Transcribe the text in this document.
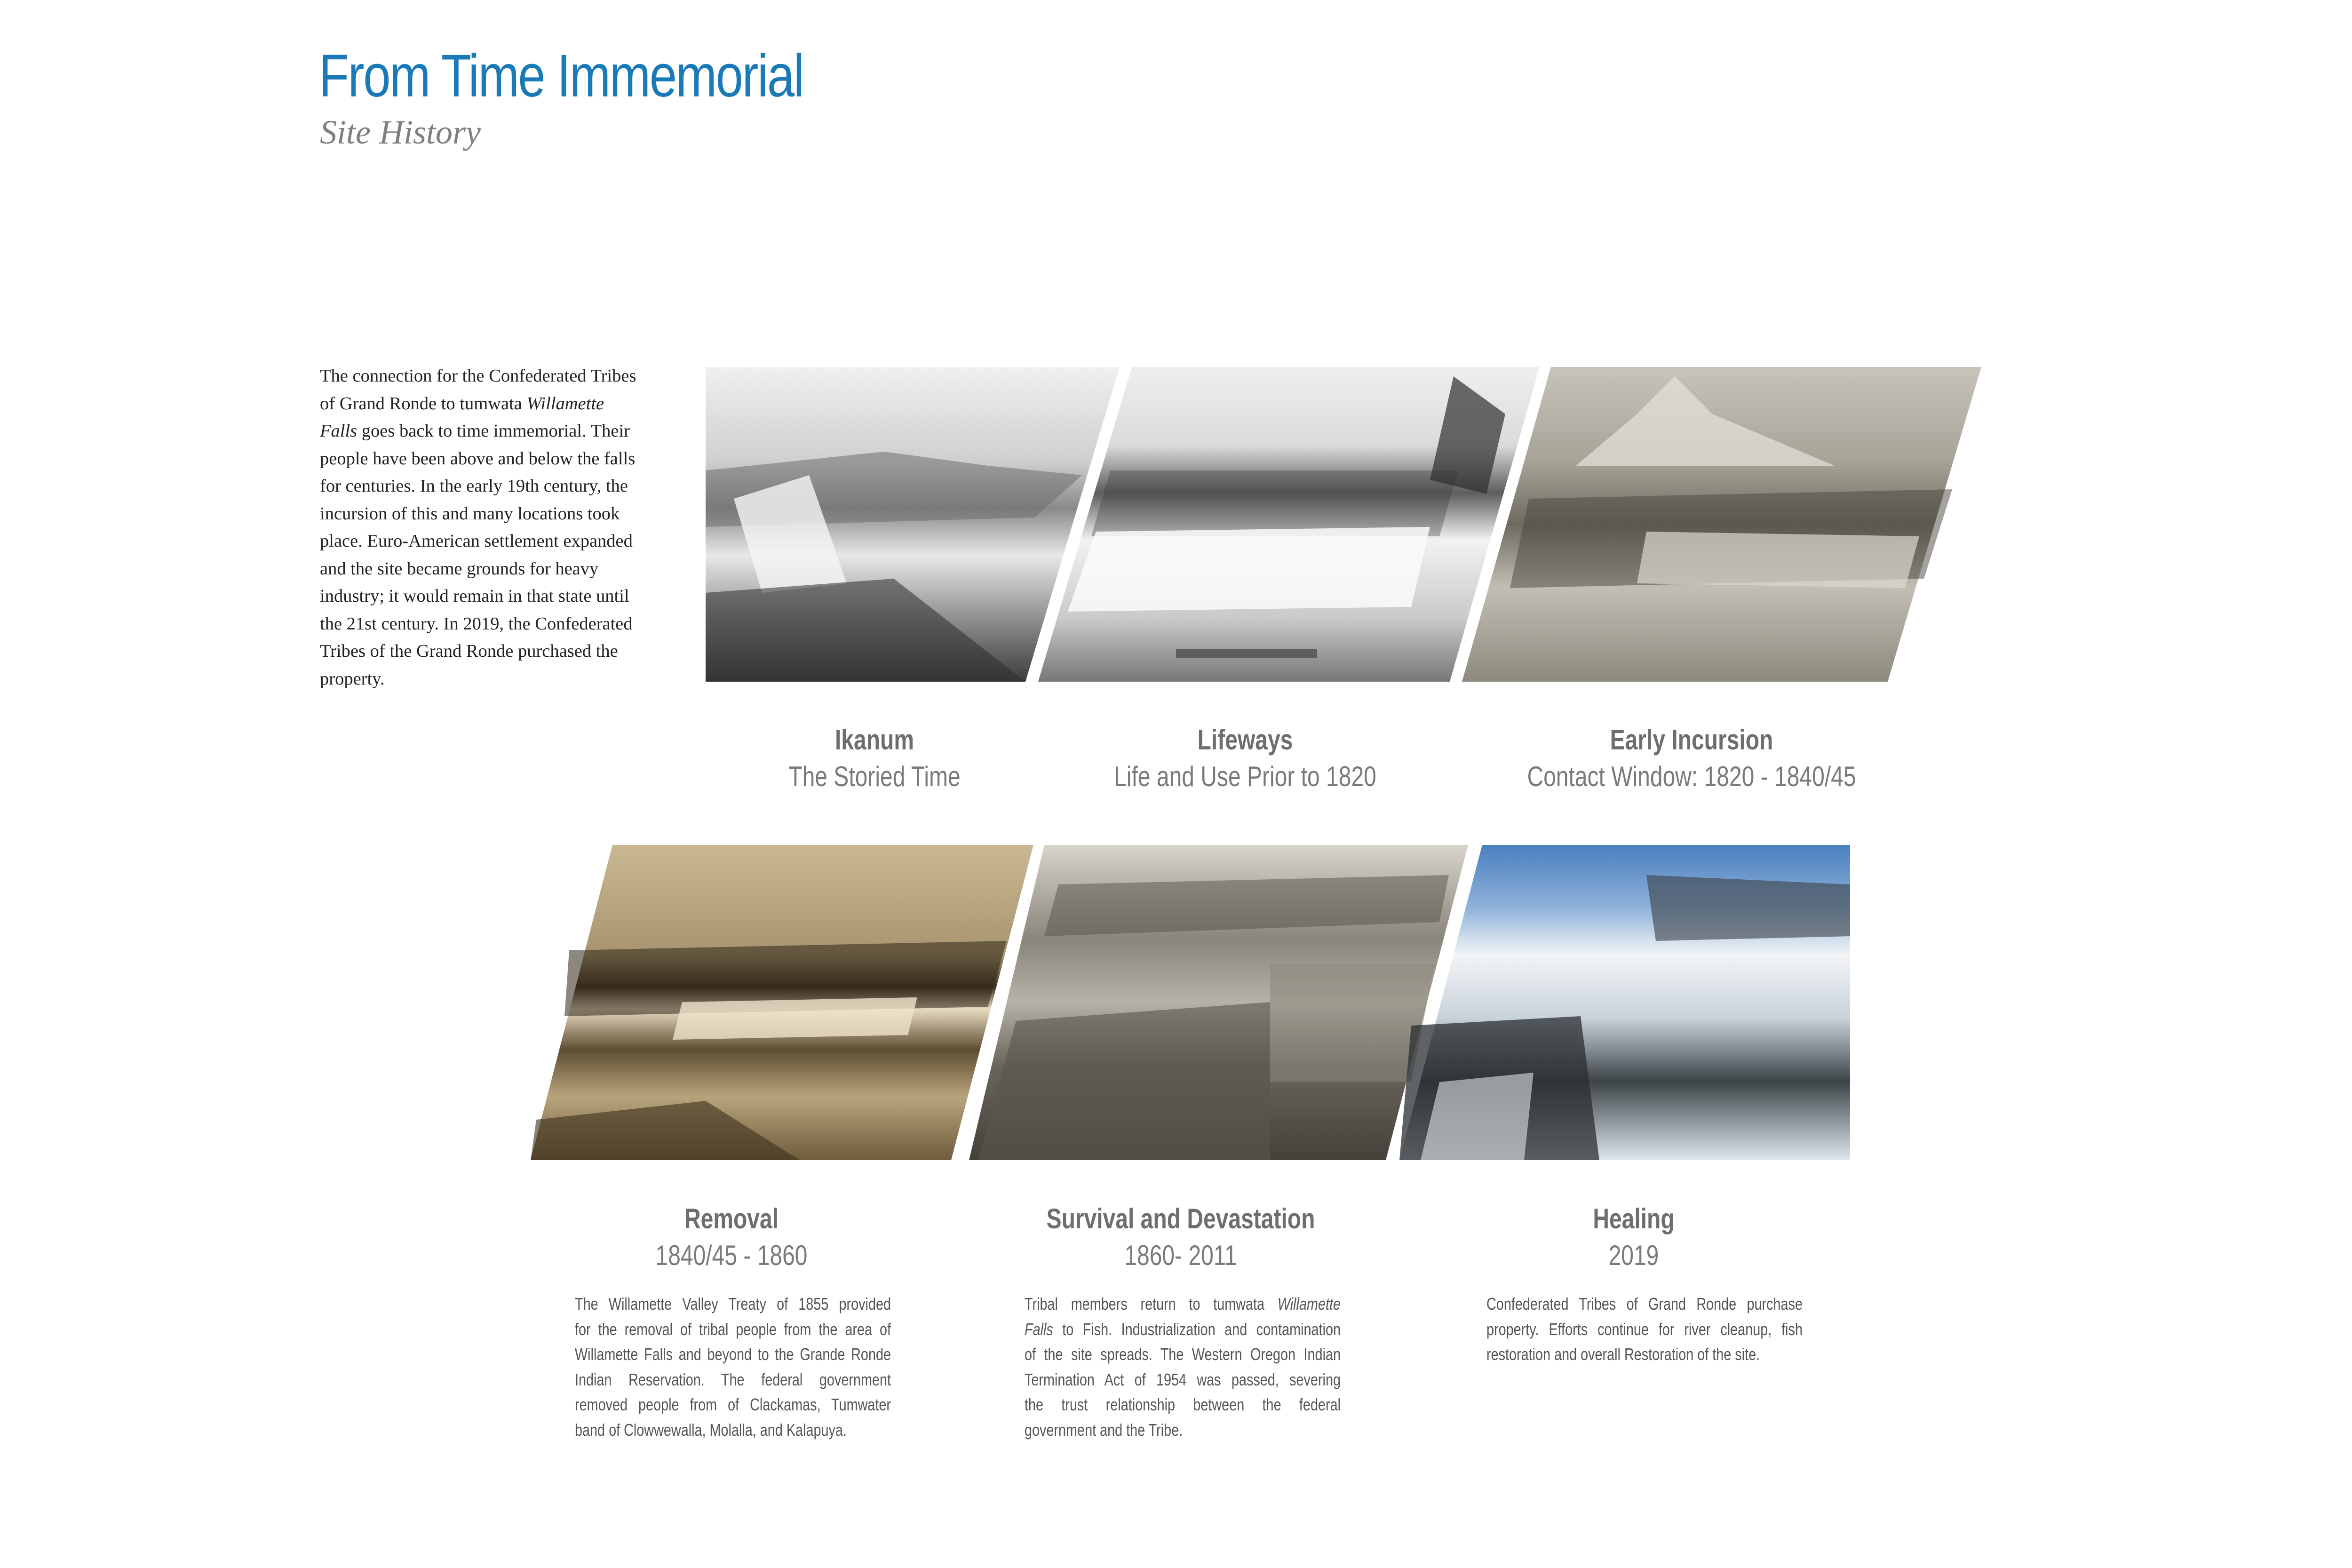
From Time Immemorial

Site History

The connection for the Confederated Tribes
of Grand Ronde to tumwata Willamette
Falls goes back to time immemorial. Their
people have been above and below the falls
for centuries. In the early 19th century, the
incursion of this and many locations took
place. Euro-American settlement expanded
and the site became grounds for heavy
industry; it would remain in that state until
the 21st century. In 2019, the Confederated
Tribes of the Grand Ronde purchased the
property.

Ikanum
The Storied Time
Lifeways
Life and Use Prior to 1820
Early Incursion
Contact Window: 1820 - 1840/45
Removal
1840/45 - 1860
Survival and Devastation
1860- 2011
Healing
2019

The Willamette Valley Treaty of 1855 provided
for the removal of tribal people from the area of
Willamette Falls and beyond to the Grande Ronde
Indian Reservation. The federal government
removed people from of Clackamas, Tumwater
band of Clowwewalla, Molalla, and Kalapuya.

Tribal members return to tumwata Willamette
Falls to Fish. Industrialization and contamination
of the site spreads. The Western Oregon Indian
Termination Act of 1954 was passed, severing
the trust relationship between the federal
government and the Tribe.

Confederated Tribes of Grand Ronde purchase
property. Efforts continue for river cleanup, fish
restoration and overall Restoration of the site.
